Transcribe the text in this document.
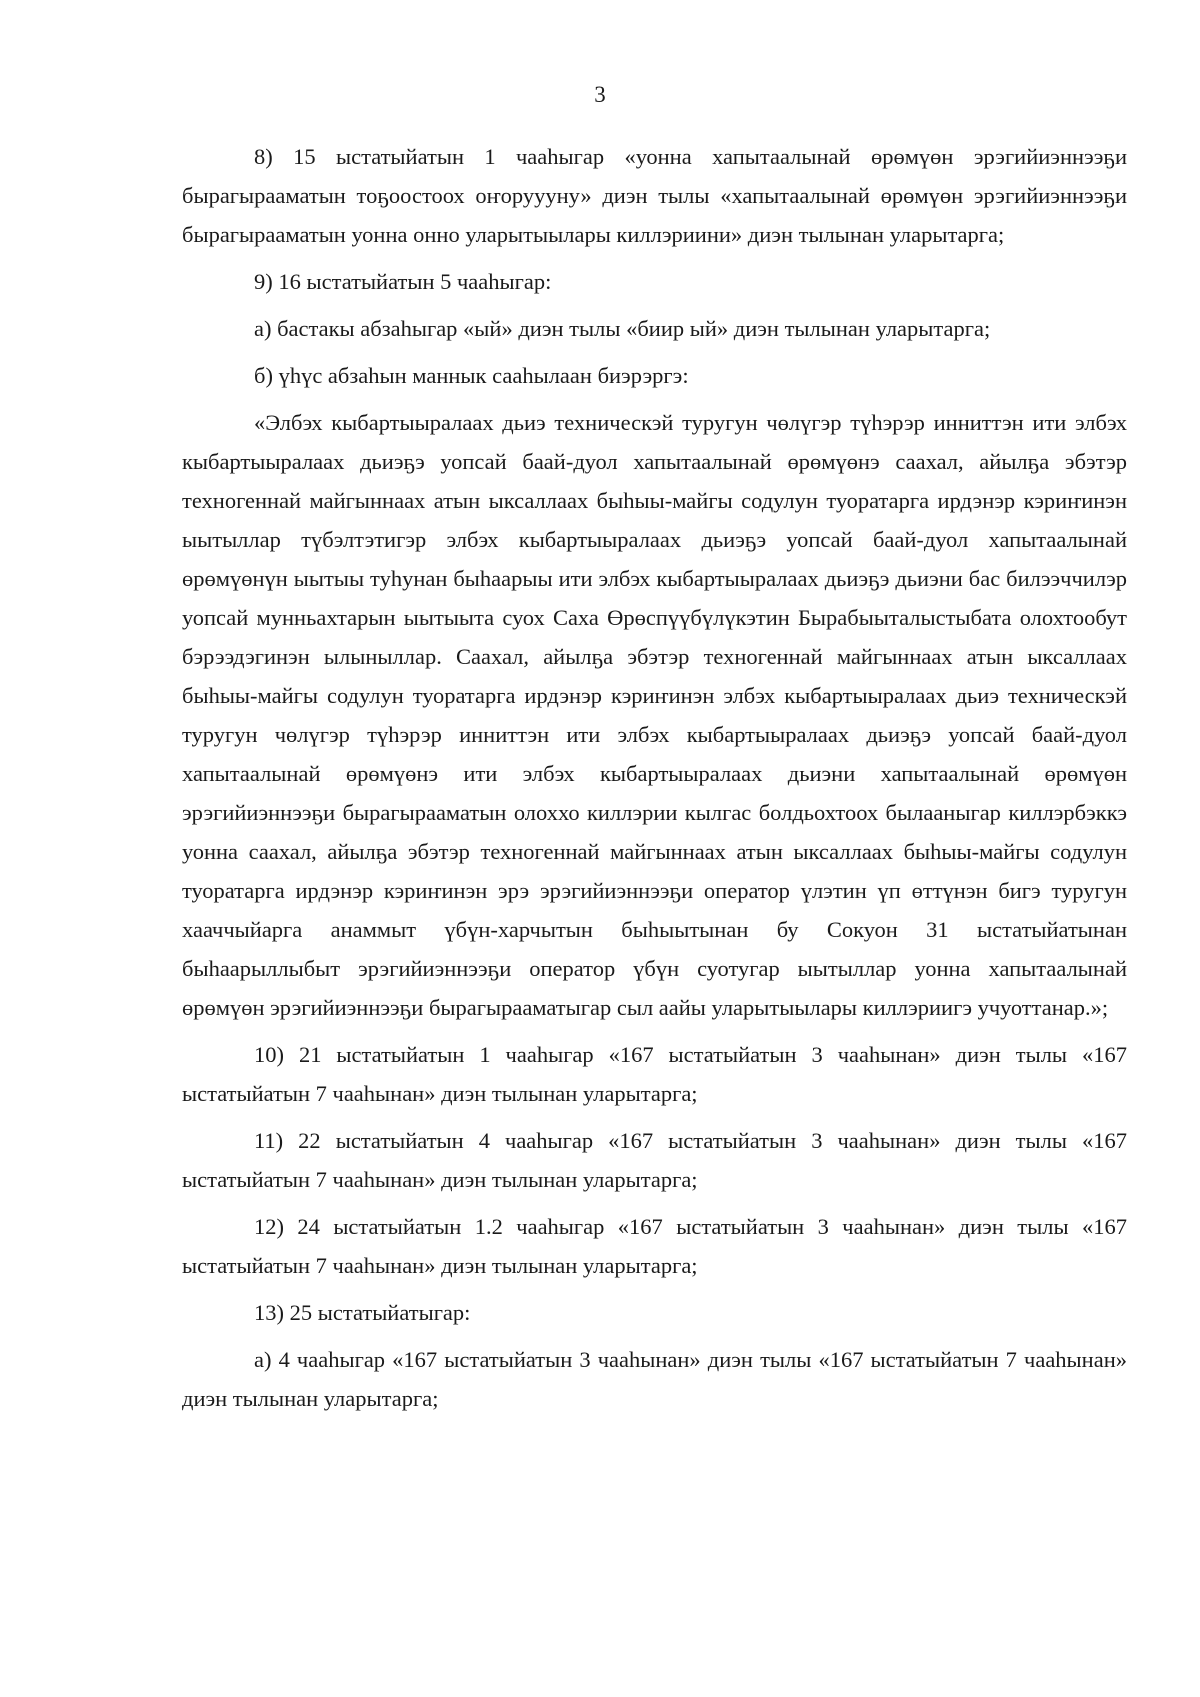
3

8) 15 ыстатыйатын 1 чааһыгар «уонна хапытаалынай өрөмүөн эрэгийиэннээҕи бырагырааматын тоҕоостоох оҥоруууну» диэн тылы «хапытаалынай өрөмүөн эрэгийиэннээҕи бырагырааматын уонна онно уларытыылары киллэриини» диэн тылынан уларытарга;

9) 16 ыстатыйатын 5 чааһыгар:

а) бастакы абзаһыгар «ый» диэн тылы «биир ый» диэн тылынан уларытарга;

б) үһүс абзаһын маннык сааһылаан биэрэргэ:

«Элбэх кыбартыыралаах дьиэ техническэй туругун чөлүгэр түһэрэр инниттэн ити элбэх кыбартыыралаах дьиэҕэ уопсай баай-дуол хапытаалынай өрөмүөнэ саахал, айылҕа эбэтэр техногеннай майгыннаах атын ыксаллаах быһыы-майгы содулун туоратарга ирдэнэр кэриҥинэн ыытыллар түбэлтэтигэр элбэх кыбартыыралаах дьиэҕэ уопсай баай-дуол хапытаалынай өрөмүөнүн ыытыы туһунан быһаарыы ити элбэх кыбартыыралаах дьиэҕэ дьиэни бас билээччилэр уопсай мунньахтарын ыытыыта суох Саха Өрөспүүбүлүкэтин Бырабыыталыстыбата олохтообут бэрээдэгинэн ылыныллар. Саахал, айылҕа эбэтэр техногеннай майгыннаах атын ыксаллаах быһыы-майгы содулун туоратарга ирдэнэр кэриҥинэн элбэх кыбартыыралаах дьиэ техническэй туругун чөлүгэр түһэрэр инниттэн ити элбэх кыбартыыралаах дьиэҕэ уопсай баай-дуол хапытаалынай өрөмүөнэ ити элбэх кыбартыыралаах дьиэни хапытаалынай өрөмүөн эрэгийиэннээҕи бырагырааматын олоххо киллэрии кылгас болдьохтоох былааныгар киллэрбэккэ уонна саахал, айылҕа эбэтэр техногеннай майгыннаах атын ыксаллаах быһыы-майгы содулун туоратарга ирдэнэр кэриҥинэн эрэ эрэгийиэннээҕи оператор үлэтин үп өттүнэн бигэ туругун хааччыйарга анаммыт үбүн-харчытын быһыытынан бу Сокуон 31 ыстатыйатынан быһаарыллыбыт эрэгийиэннээҕи оператор үбүн суотугар ыытыллар уонна хапытаалынай өрөмүөн эрэгийиэннээҕи бырагырааматыгар сыл аайы уларытыылары киллэриигэ учуоттанар.»;

10) 21 ыстатыйатын 1 чааһыгар «167 ыстатыйатын 3 чааһынан» диэн тылы «167 ыстатыйатын 7 чааһынан» диэн тылынан уларытарга;

11) 22 ыстатыйатын 4 чааһыгар «167 ыстатыйатын 3 чааһынан» диэн тылы «167 ыстатыйатын 7 чааһынан» диэн тылынан уларытарга;

12) 24 ыстатыйатын 1.2 чааһыгар «167 ыстатыйатын 3 чааһынан» диэн тылы «167 ыстатыйатын 7 чааһынан» диэн тылынан уларытарга;

13) 25 ыстатыйатыгар:

а) 4 чааһыгар «167 ыстатыйатын 3 чааһынан» диэн тылы «167 ыстатыйатын 7 чааһынан» диэн тылынан уларытарга;
